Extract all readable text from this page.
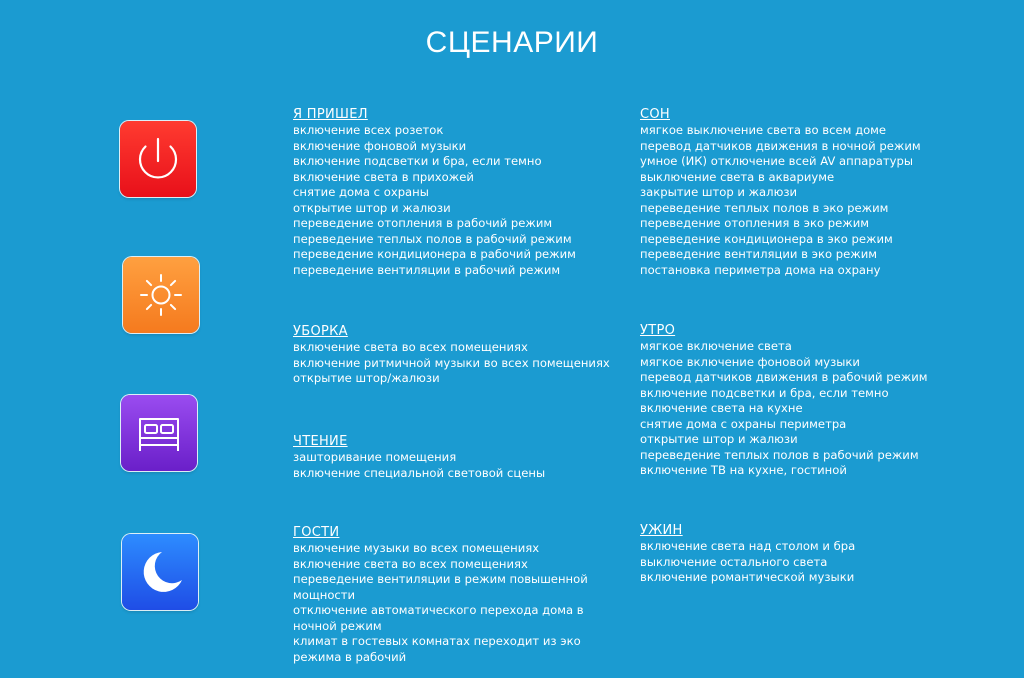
СЦЕНАРИИ
Я ПРИШЕЛ
включение всех розеток
включение фоновой музыки
включение подсветки и бра, если темно
включение света в прихожей
снятие дома с охраны
открытие штор и жалюзи
переведение отопления в рабочий режим
переведение теплых полов в рабочий режим
переведение кондиционера в рабочий режим
переведение вентиляции в рабочий режим
УБОРКА
включение света во всех помещениях
включение ритмичной музыки во всех помещениях
открытие штор/жалюзи
ЧТЕНИЕ
зашторивание помещения
включение специальной световой сцены
ГОСТИ
включение музыки во всех помещениях
включение света во всех помещениях
переведение вентиляции в режим повышенной мощности
отключение автоматического перехода дома в ночной режим
климат в гостевых комнатах переходит из эко режима в рабочий
СОН
мягкое выключение света во всем доме
перевод датчиков движения в ночной режим
умное (ИК) отключение всей AV аппаратуры
выключение света в аквариуме
закрытие штор и жалюзи
переведение теплых полов в эко режим
переведение отопления в эко режим
переведение кондиционера в эко режим
переведение вентиляции в эко режим
постановка периметра дома на охрану
УТРО
мягкое включение света
мягкое включение фоновой музыки
перевод датчиков движения в рабочий режим
включение подсветки и бра, если темно
включение света на кухне
снятие дома с охраны периметра
открытие штор и жалюзи
переведение теплых полов в рабочий режим
включение ТВ на кухне, гостиной
УЖИН
включение света над столом и бра
выключение остального света
включение романтической музыки
